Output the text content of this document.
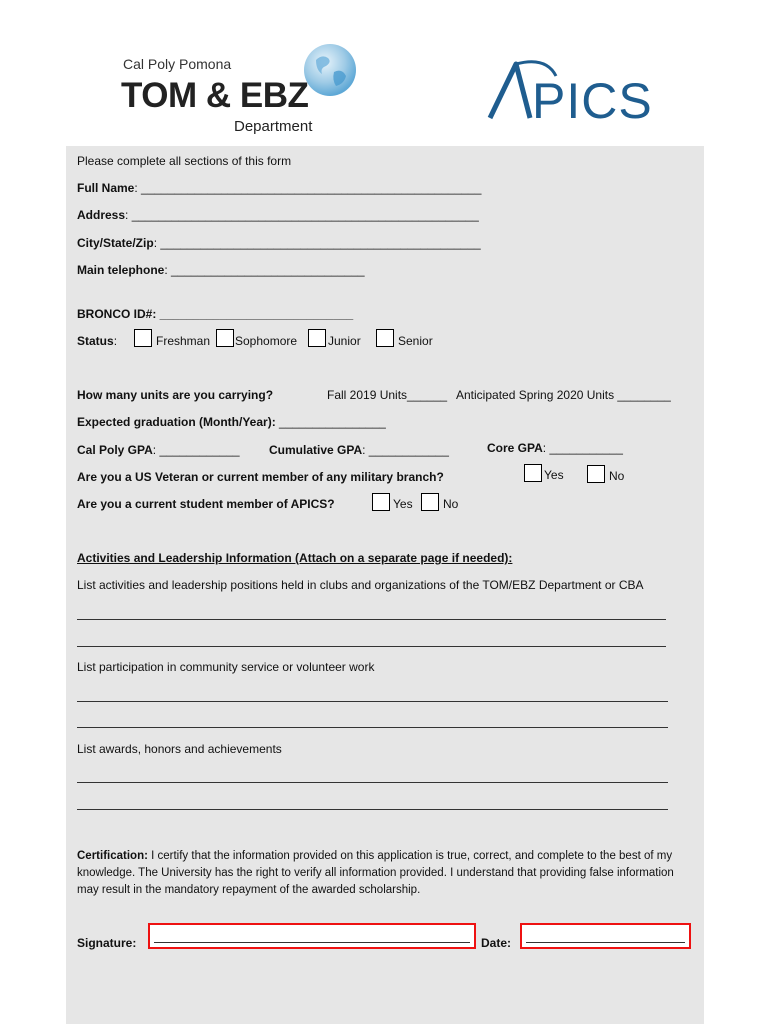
Cal Poly Pomona
TOM & EBZ
Department	PICS
Please complete all sections of this form
Full Name: ___________________________________________________
Address: ____________________________________________________
City/State/Zip: ________________________________________________
Main telephone: _____________________________
BRONCO ID#: _____________________________
Status:	Freshman Sophomore	Junior	Senior
How many units are you carrying?	Fall 2019 Units______ Anticipated Spring 2020 Units ________
Expected graduation (Month/Year): ________________
Cal Poly GPA: ____________ Cumulative GPA: ____________	Core GPA: ___________
Are you a US Veteran or current member of any military branch?	Yes	No
Are you a current student member of APICS?	Yes	No
Activities and Leadership Information (Attach on a separate page if needed):
List activities and leadership positions held in clubs and organizations of the TOM/EBZ Department or CBA
List participation in community service or volunteer work
List awards, honors and achievements
Certification: I certify that the information provided on this application is true, correct, and complete to the best of my knowledge. The University has the right to verify all information provided. I understand that providing false information may result in the mandatory repayment of the awarded scholarship.
Signature:	Date:
